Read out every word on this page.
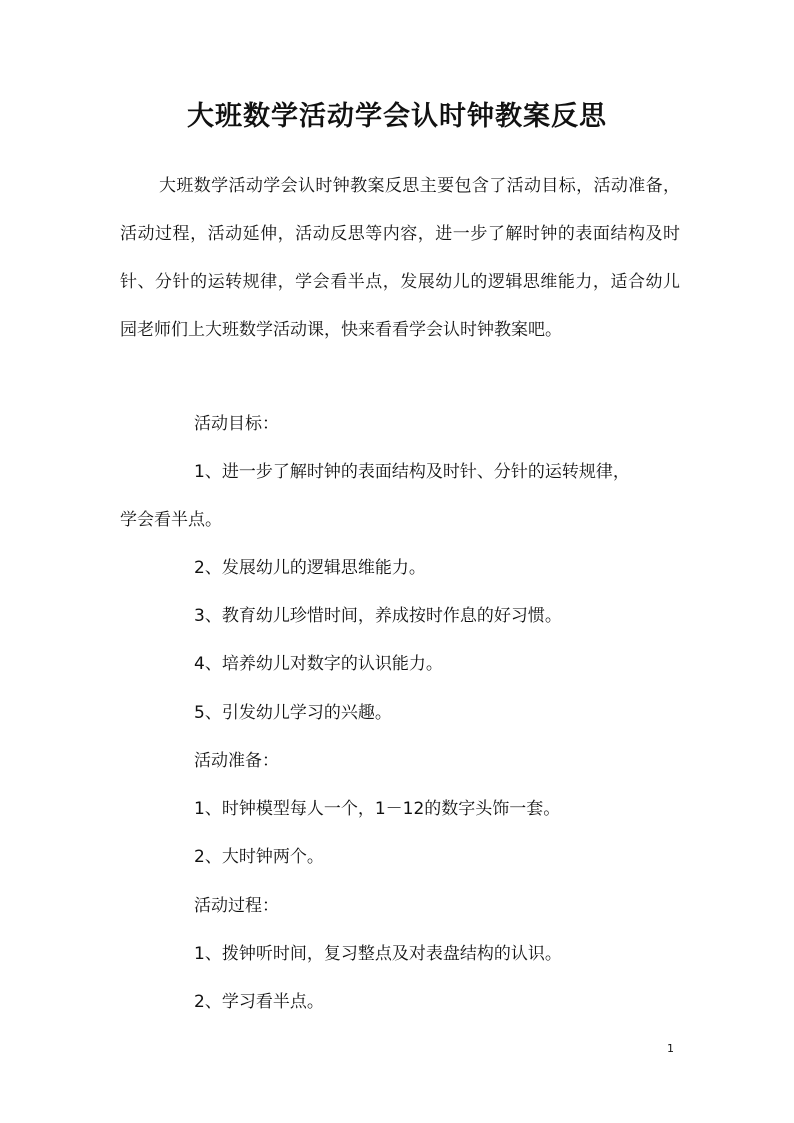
大班数学活动学会认时钟教案反思

大班数学活动学会认时钟教案反思主要包含了活动目标，活动准备，活动过程，活动延伸，活动反思等内容，进一步了解时钟的表面结构及时针、分针的运转规律，学会看半点，发展幼儿的逻辑思维能力，适合幼儿园老师们上大班数学活动课，快来看看学会认时钟教案吧。

活动目标：

1、进一步了解时钟的表面结构及时针、分针的运转规律，

学会看半点。

2、发展幼儿的逻辑思维能力。

3、教育幼儿珍惜时间，养成按时作息的好习惯。

4、培养幼儿对数字的认识能力。

5、引发幼儿学习的兴趣。

活动准备：

1、时钟模型每人一个，1－12的数字头饰一套。

2、大时钟两个。

活动过程：

1、拨钟听时间，复习整点及对表盘结构的认识。

2、学习看半点。

1
